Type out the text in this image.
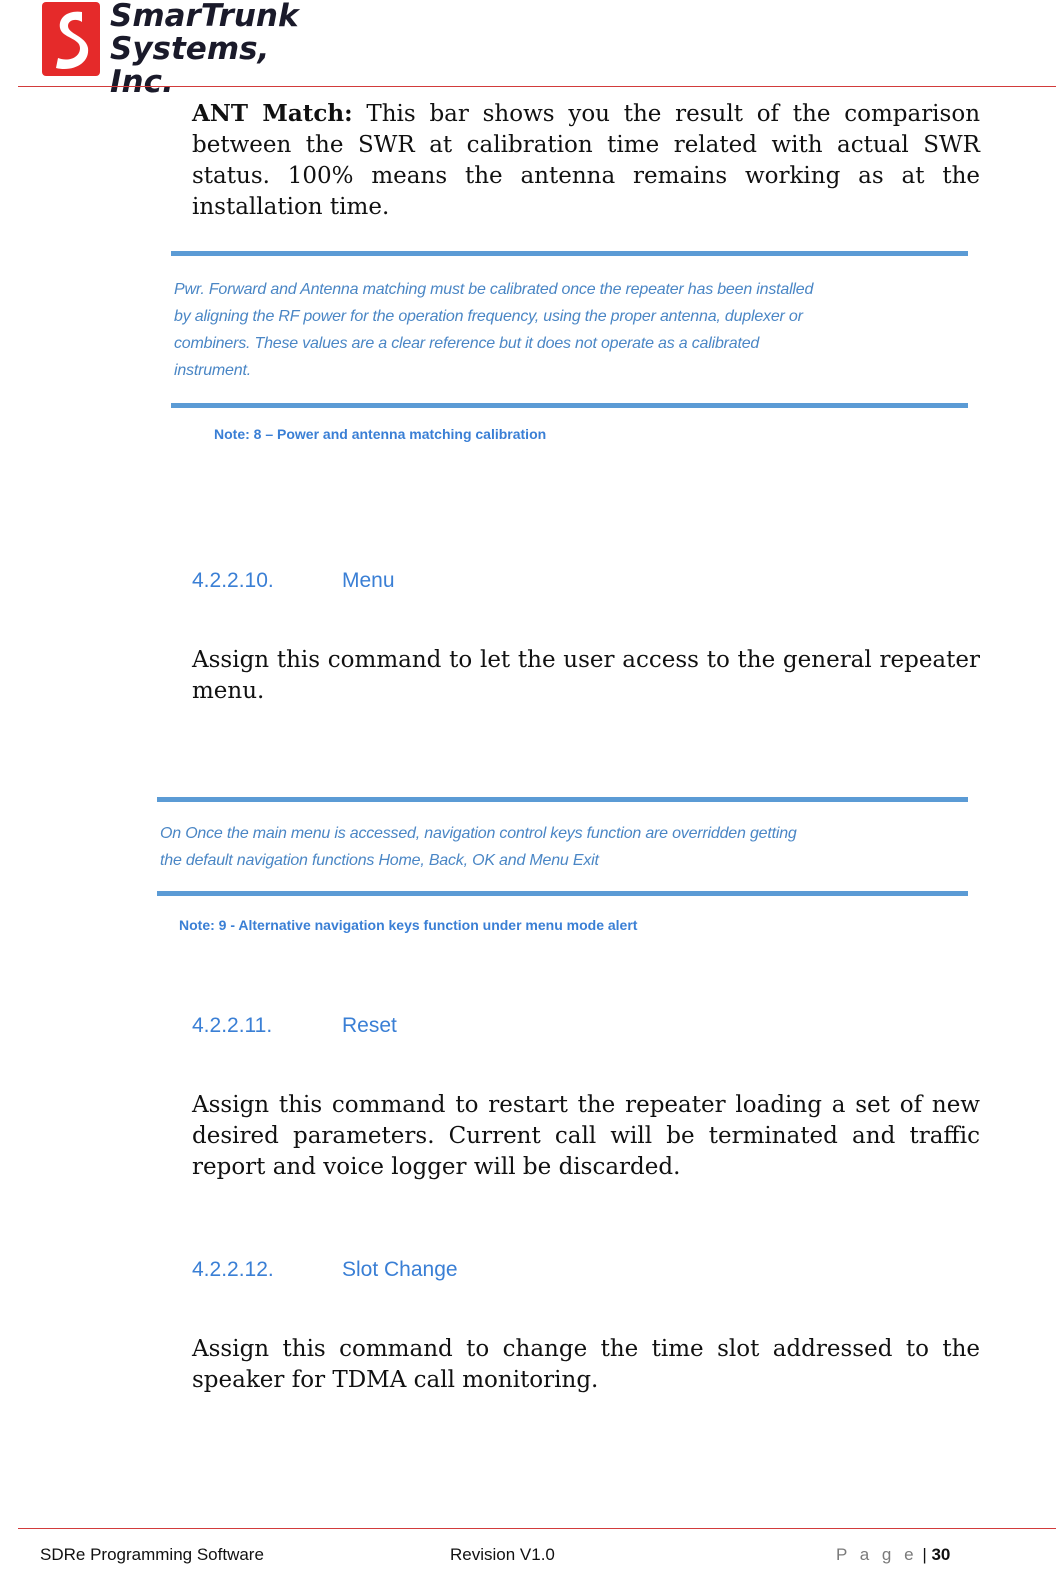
SmarTrunk
Systems, Inc.
ANT Match: This bar shows you the result of the comparison between the SWR at calibration time related with actual SWR status. 100% means the antenna remains working as at the installation time.
Pwr. Forward and Antenna matching must be calibrated once the repeater has been installed
by aligning the RF power for the operation frequency, using the proper antenna, duplexer or
combiners. These values are a clear reference but it does not operate as a calibrated
instrument.
Note: 8 – Power and antenna matching calibration
4.2.2.10.	Menu
Assign this command to let the user access to the general repeater menu.
On Once the main menu is accessed, navigation control keys function are overridden getting
the default navigation functions Home, Back, OK and Menu Exit
Note: 9 - Alternative navigation keys function under menu mode alert
4.2.2.11.	Reset
Assign this command to restart the repeater loading a set of new desired parameters. Current call will be terminated and traffic report and voice logger will be discarded.
4.2.2.12.	Slot Change
Assign this command to change the time slot addressed to the speaker for TDMA call monitoring.
SDRe Programming Software	Revision V1.0	P a g e | 30
